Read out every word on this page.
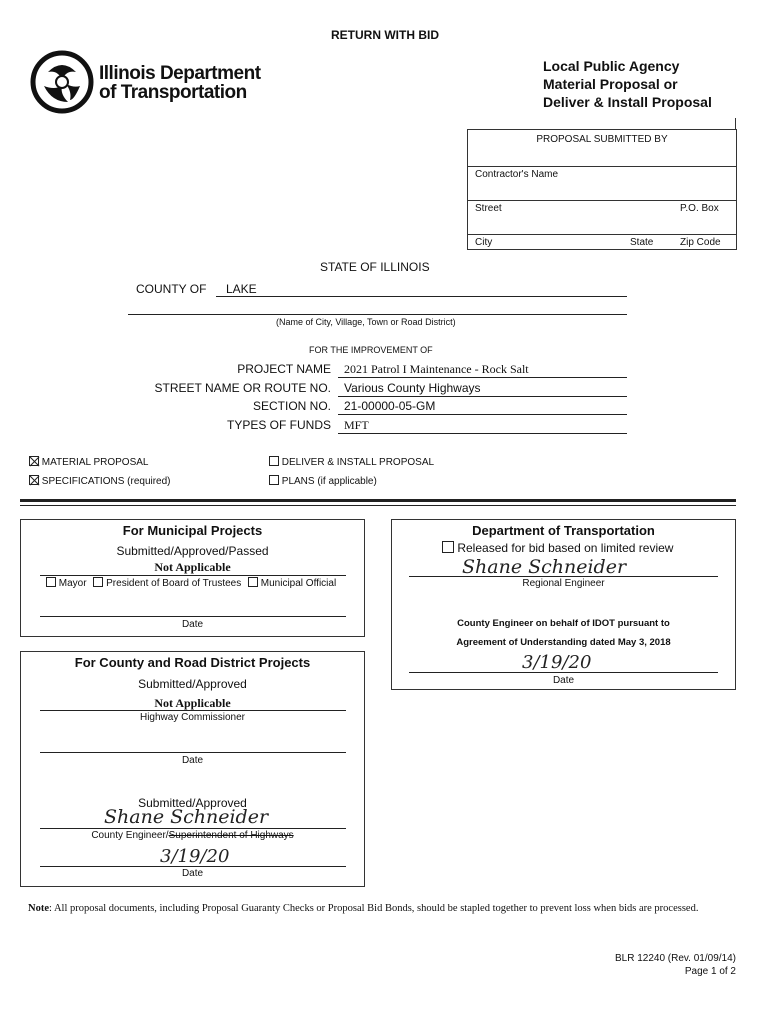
RETURN WITH BID
Illinois Department
of Transportation
Local Public Agency
Material Proposal or
Deliver & Install Proposal
PROPOSAL SUBMITTED BY
Contractor's Name
Street	P.O. Box
City	State	Zip Code
STATE OF ILLINOIS
COUNTY OF LAKE
(Name of City, Village, Town or Road District)
FOR THE IMPROVEMENT OF
PROJECT NAME 2021 Patrol I Maintenance - Rock Salt
STREET NAME OR ROUTE NO. Various County Highways
SECTION NO. 21-00000-05-GM
TYPES OF FUNDS MFT
MATERIAL PROPOSAL
SPECIFICATIONS (required)
DELIVER & INSTALL PROPOSAL
PLANS (if applicable)
For Municipal Projects
Submitted/Approved/Passed
Not Applicable
Mayor President of Board of Trustees Municipal Official
Date
For County and Road District Projects
Submitted/Approved
Not Applicable
Highway Commissioner
Date
Submitted/Approved
Shane Schneider
County Engineer/Superintendent of Highways
3/19/20
Date
Department of Transportation
Released for bid based on limited review
Shane Schneider
Regional Engineer
County Engineer on behalf of IDOT pursuant to
Agreement of Understanding dated May 3, 2018
3/19/20
Date
Note: All proposal documents, including Proposal Guaranty Checks or Proposal Bid Bonds, should be stapled together to prevent loss when bids are processed.
BLR 12240 (Rev. 01/09/14)
Page 1 of 2
